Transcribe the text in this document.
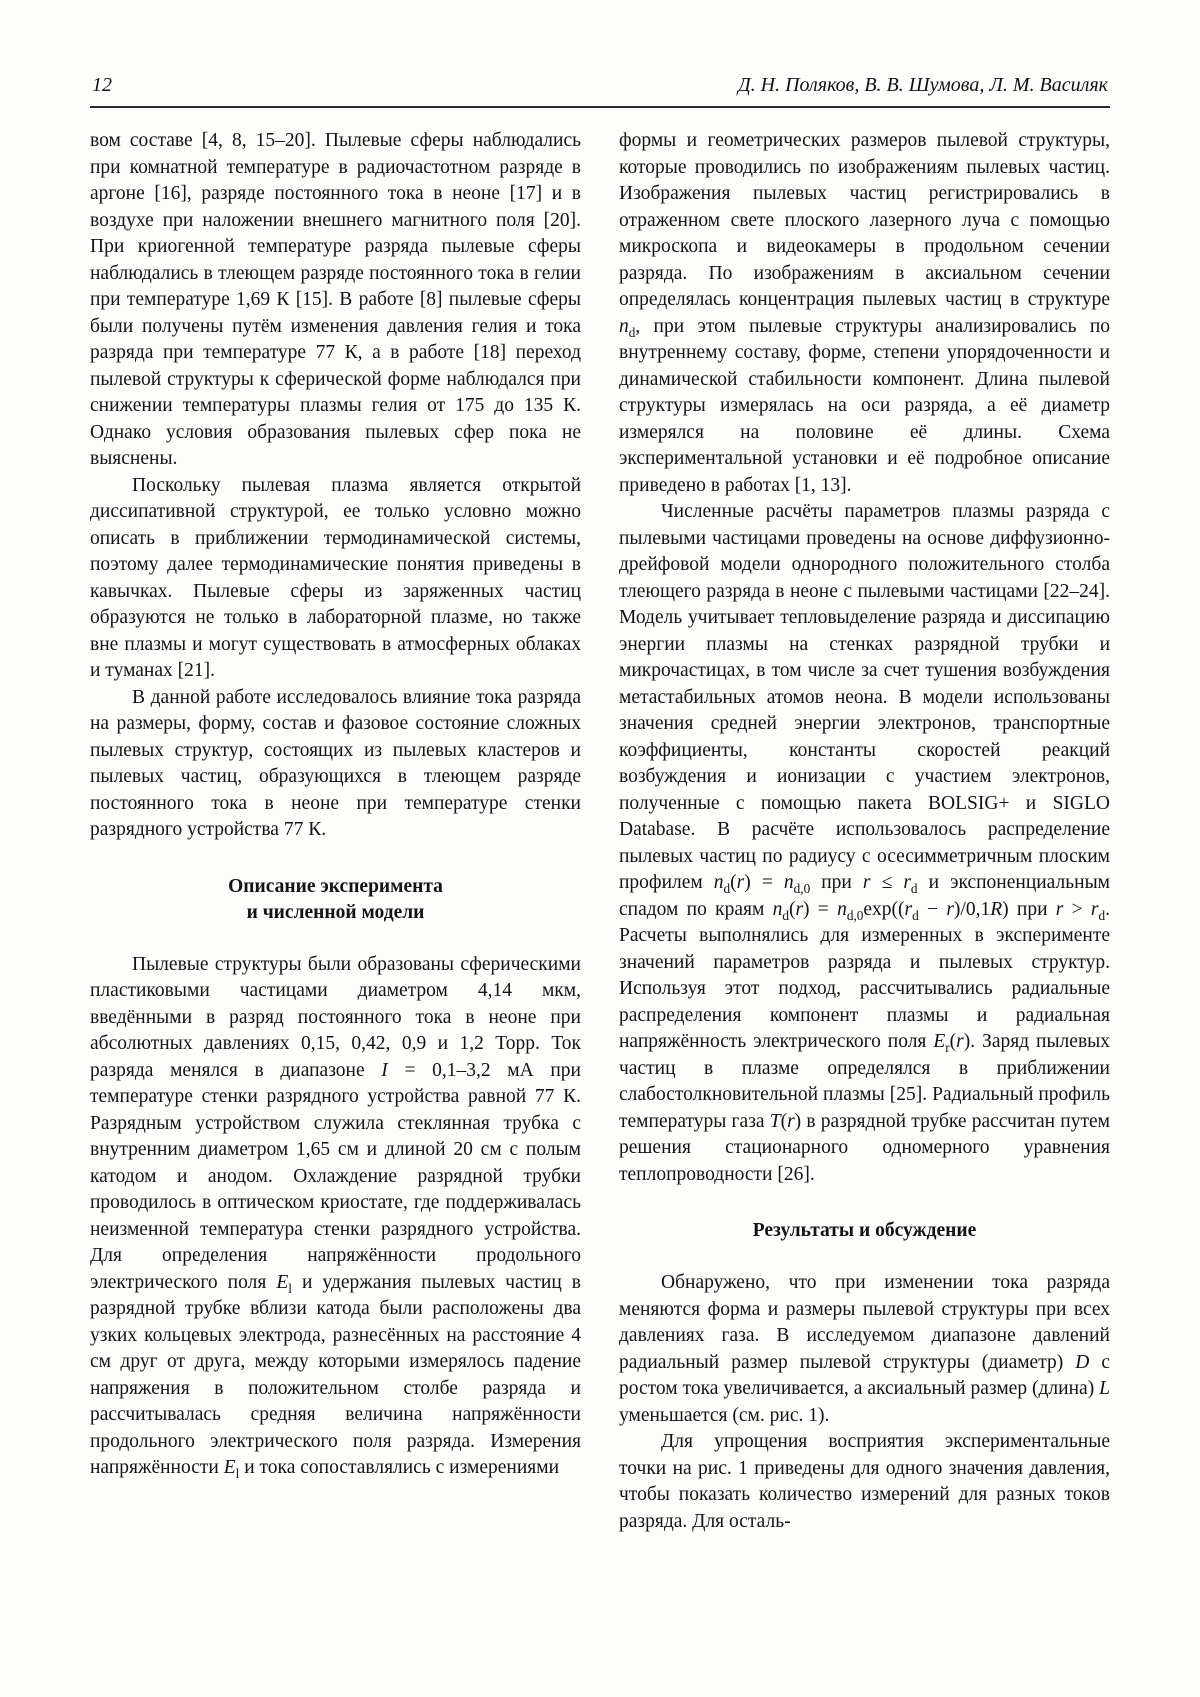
12	Д. Н. Поляков, В. В. Шумова, Л. М. Василяк

вом составе [4, 8, 15–20]. Пылевые сферы наблюдались при комнатной температуре в радиочастотном разряде в аргоне [16], разряде постоянного тока в неоне [17] и в воздухе при наложении внешнего магнитного поля [20]. При криогенной температуре разряда пылевые сферы наблюдались в тлеющем разряде постоянного тока в гелии при температуре 1,69 К [15]. В работе [8] пылевые сферы были получены путём изменения давления гелия и тока разряда при температуре 77 К, а в работе [18] переход пылевой структуры к сферической форме наблюдался при снижении температуры плазмы гелия от 175 до 135 К. Однако условия образования пылевых сфер пока не выяснены.

Поскольку пылевая плазма является открытой диссипативной структурой, ее только условно можно описать в приближении термодинамической системы, поэтому далее термодинамические понятия приведены в кавычках. Пылевые сферы из заряженных частиц образуются не только в лабораторной плазме, но также вне плазмы и могут существовать в атмосферных облаках и туманах [21].

В данной работе исследовалось влияние тока разряда на размеры, форму, состав и фазовое состояние сложных пылевых структур, состоящих из пылевых кластеров и пылевых частиц, образующихся в тлеющем разряде постоянного тока в неоне при температуре стенки разрядного устройства 77 К.

Описание эксперимента
и численной модели

Пылевые структуры были образованы сферическими пластиковыми частицами диаметром 4,14 мкм, введёнными в разряд постоянного тока в неоне при абсолютных давлениях 0,15, 0,42, 0,9 и 1,2 Торр. Ток разряда менялся в диапазоне I = 0,1–3,2 мА при температуре стенки разрядного устройства равной 77 К. Разрядным устройством служила стеклянная трубка с внутренним диаметром 1,65 см и длиной 20 см с полым катодом и анодом. Охлаждение разрядной трубки проводилось в оптическом криостате, где поддерживалась неизменной температура стенки разрядного устройства. Для определения напряжённости продольного электрического поля $E_l$ и удержания пылевых частиц в разрядной трубке вблизи катода были расположены два узких кольцевых электрода, разнесённых на расстояние 4 см друг от друга, между которыми измерялось падение напряжения в положительном столбе разряда и рассчитывалась средняя величина напряжённости продольного электрического поля разряда. Измерения напряжённости $E_l$ и тока сопоставлялись с измерениями

формы и геометрических размеров пылевой структуры, которые проводились по изображениям пылевых частиц. Изображения пылевых частиц регистрировались в отраженном свете плоского лазерного луча с помощью микроскопа и видеокамеры в продольном сечении разряда. По изображениям в аксиальном сечении определялась концентрация пылевых частиц в структуре $n_d$, при этом пылевые структуры анализировались по внутреннему составу, форме, степени упорядоченности и динамической стабильности компонент. Длина пылевой структуры измерялась на оси разряда, а её диаметр измерялся на половине её длины. Схема экспериментальной установки и её подробное описание приведено в работах [1, 13].

Численные расчёты параметров плазмы разряда с пылевыми частицами проведены на основе диффузионно-дрейфовой модели однородного положительного столба тлеющего разряда в неоне с пылевыми частицами [22–24]. Модель учитывает тепловыделение разряда и диссипацию энергии плазмы на стенках разрядной трубки и микрочастицах, в том числе за счет тушения возбуждения метастабильных атомов неона. В модели использованы значения средней энергии электронов, транспортные коэффициенты, константы скоростей реакций возбуждения и ионизации с участием электронов, полученные с помощью пакета BOLSIG+ и SIGLO Database. В расчёте использовалось распределение пылевых частиц по радиусу с осесимметричным плоским профилем $n_d(r) = n_{d,0}$ при $r \le r_d$ и экспоненциальным спадом по краям $n_d(r) = n_{d,0}\exp((r_d - r)/0,1R)$ при $r > r_d$. Расчеты выполнялись для измеренных в эксперименте значений параметров разряда и пылевых структур. Используя этот подход, рассчитывались радиальные распределения компонент плазмы и радиальная напряжённость электрического поля $E_r(r)$. Заряд пылевых частиц в плазме определялся в приближении слабостолкновительной плазмы [25]. Радиальный профиль температуры газа T(r) в разрядной трубке рассчитан путем решения стационарного одномерного уравнения теплопроводности [26].

Результаты и обсуждение

Обнаружено, что при изменении тока разряда меняются форма и размеры пылевой структуры при всех давлениях газа. В исследуемом диапазоне давлений радиальный размер пылевой структуры (диаметр) D с ростом тока увеличивается, а аксиальный размер (длина) L уменьшается (см. рис. 1).

Для упрощения восприятия экспериментальные точки на рис. 1 приведены для одного значения давления, чтобы показать количество измерений для разных токов разряда. Для осталь-
